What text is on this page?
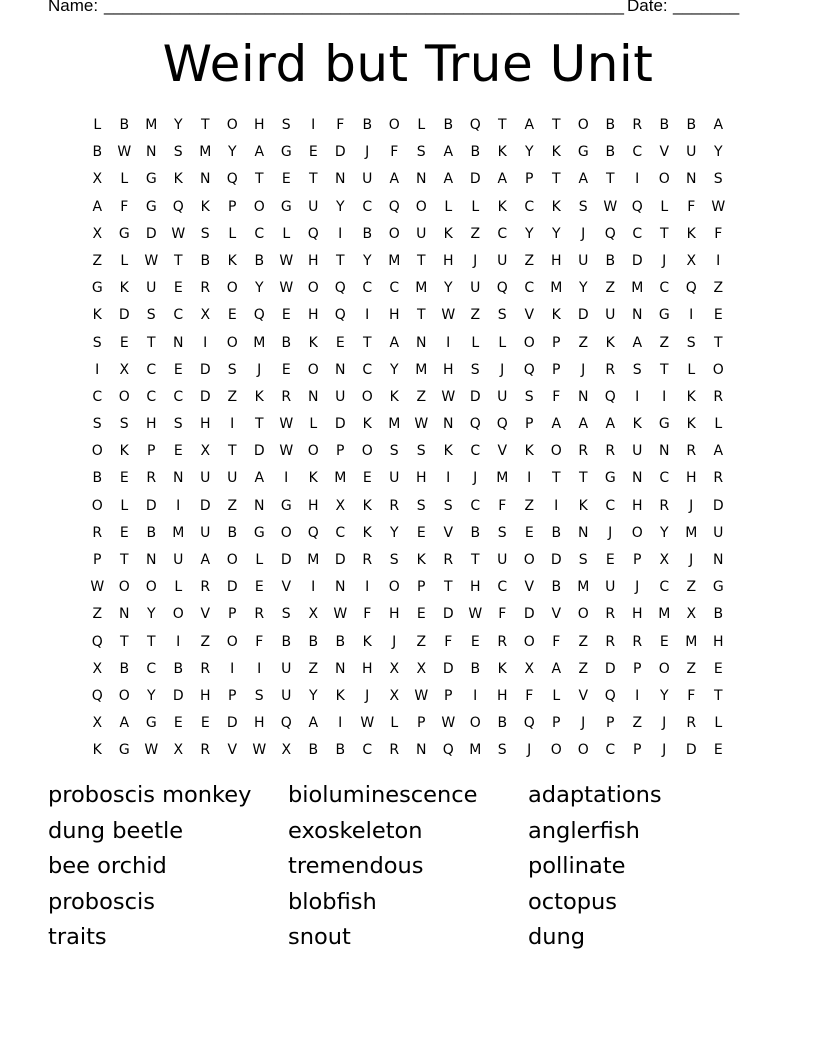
Name: _______________________________________________________ Date: _______
Weird but True Unit
L	B	M	Y	T	O	H	S	I	F	B	O	L	B	Q	T	A	T	O	B	R	B	B	A
B	W	N	S	M	Y	A	G	E	D	J	F	S	A	B	K	Y	K	G	B	C	V	U	Y
X	L	G	K	N	Q	T	E	T	N	U	A	N	A	D	A	P	T	A	T	I	O	N	S
A	F	G	Q	K	P	O	G	U	Y	C	Q	O	L	L	K	C	K	S	W	Q	L	F	W
X	G	D	W	S	L	C	L	Q	I	B	O	U	K	Z	C	Y	Y	J	Q	C	T	K	F
Z	L	W	T	B	K	B	W	H	T	Y	M	T	H	J	U	Z	H	U	B	D	J	X	I
G	K	U	E	R	O	Y	W	O	Q	C	C	M	Y	U	Q	C	M	Y	Z	M	C	Q	Z
K	D	S	C	X	E	Q	E	H	Q	I	H	T	W	Z	S	V	K	D	U	N	G	I	E
S	E	T	N	I	O	M	B	K	E	T	A	N	I	L	L	O	P	Z	K	A	Z	S	T
I	X	C	E	D	S	J	E	O	N	C	Y	M	H	S	J	Q	P	J	R	S	T	L	O
C	O	C	C	D	Z	K	R	N	U	O	K	Z	W	D	U	S	F	N	Q	I	I	K	R
S	S	H	S	H	I	T	W	L	D	K	M W	N	Q	Q	P	A	A	A	K	G	K	L
O	K	P	E	X	T	D	W	O	P	O	S	S	K	C	V	K	O	R	R	U	N	R	A
B	E	R	N	U	U	A	I	K	M	E	U	H	I	J	M	I	T	T	G	N	C	H	R
O	L	D	I	D	Z	N	G	H	X	K	R	S	S	C	F	Z	I	K	C	H	R	J	D
R	E	B	M	U	B	G	O	Q	C	K	Y	E	V	B	S	E	B	N	J	O	Y	M	U
P	T	N	U	A	O	L	D	M	D	R	S	K	R	T	U	O	D	S	E	P	X	J	N
W	O	O	L	R	D	E	V	I	N	I	O	P	T	H	C	V	B	M	U	J	C	Z	G
Z	N	Y	O	V	P	R	S	X	W	F	H	E	D	W	F	D	V	O	R	H	M	X	B
Q	T	T	I	Z	O	F	B	B	B	K	J	Z	F	E	R	O	F	Z	R	R	E	M	H
X	B	C	B	R	I	I	U	Z	N	H	X	X	D	B	K	X	A	Z	D	P	O	Z	E
Q	O	Y	D	H	P	S	U	Y	K	J	X	W	P	I	H	F	L	V	Q	I	Y	F	T
X	A	G	E	E	D	H	Q	A	I	W	L	P	W	O	B	Q	P	J	P	Z	J	R	L
K	G	W	X	R	V	W	X	B	B	C	R	N	Q	M	S	J	O	O	C	P	J	D	E
proboscis monkey
dung beetle
bee orchid
proboscis
traits
bioluminescence
exoskeleton
tremendous
blobfish
snout
adaptations
anglerfish
pollinate
octopus
dung
